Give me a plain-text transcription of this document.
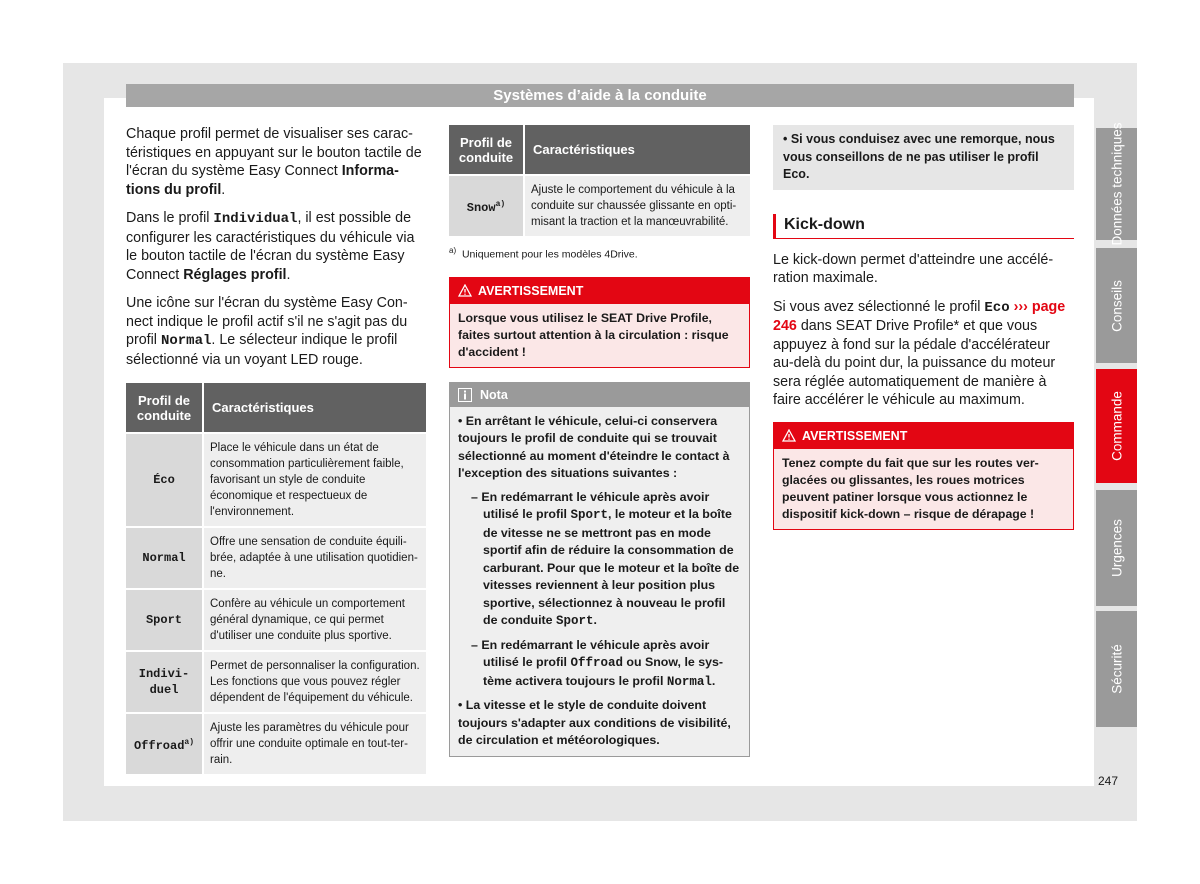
Systèmes d’aide à la conduite

Chaque profil permet de visualiser ses caractéristiques en appuyant sur le bouton tactile de l'écran du système Easy Connect Informations du profil.

Dans le profil Individual, il est possible de configurer les caractéristiques du véhicule via le bouton tactile de l'écran du système Easy Connect Réglages profil.

Une icône sur l'écran du système Easy Connect indique le profil actif s'il ne s'agit pas du profil Normal. Le sélecteur indique le profil sélectionné via un voyant LED rouge.

Profil de conduite	Caractéristiques
Éco	Place le véhicule dans un état de consommation particulièrement faible, favorisant un style de conduite économique et respectueux de l'environnement.
Normal	Offre une sensation de conduite équilibrée, adaptée à une utilisation quotidienne.
Sport	Confère au véhicule un comportement général dynamique, ce qui permet d'utiliser une conduite plus sportive.
Individuel	Permet de personnaliser la configuration. Les fonctions que vous pouvez régler dépendent de l'équipement du véhicule.
Offroad$^{a)}$	Ajuste les paramètres du véhicule pour offrir une conduite optimale en tout-terrain.
Profil de conduite	Caractéristiques
Snow$^{a)}$	Ajuste le comportement du véhicule à la conduite sur chaussée glissante en optimisant la traction et la manœuvrabilité.
$^{a)}$ Uniquement pour les modèles 4Drive.
AVERTISSEMENT
Lorsque vous utilisez le SEAT Drive Profile, faites surtout attention à la circulation : risque d'accident !
Nota
• En arrêtant le véhicule, celui-ci conservera toujours le profil de conduite qui se trouvait sélectionné au moment d'éteindre le contact à l'exception des situations suivantes :
– En redémarrant le véhicule après avoir utilisé le profil Sport, le moteur et la boîte de vitesse ne se mettront pas en mode sportif afin de réduire la consommation de carburant. Pour que le moteur et la boîte de vitesses reviennent à leur position plus sportive, sélectionnez à nouveau le profil de conduite Sport.
– En redémarrant le véhicule après avoir utilisé le profil Offroad ou Snow, le système activera toujours le profil Normal.
• La vitesse et le style de conduite doivent toujours s'adapter aux conditions de visibilité, de circulation et météorologiques.
• Si vous conduisez avec une remorque, nous vous conseillons de ne pas utiliser le profil Eco.
Kick-down

Le kick-down permet d'atteindre une accélération maximale.

Si vous avez sélectionné le profil Eco ››› page 246 dans SEAT Drive Profile* et que vous appuyez à fond sur la pédale d'accélérateur au-delà du point dur, la puissance du moteur sera réglée automatiquement de manière à faire accélérer le véhicule au maximum.

AVERTISSEMENT
Tenez compte du fait que sur les routes verglacées ou glissantes, les roues motrices peuvent patiner lorsque vous actionnez le dispositif kick-down – risque de dérapage !
Données techniques
Conseils
Commande
Urgences
Sécurité
247
